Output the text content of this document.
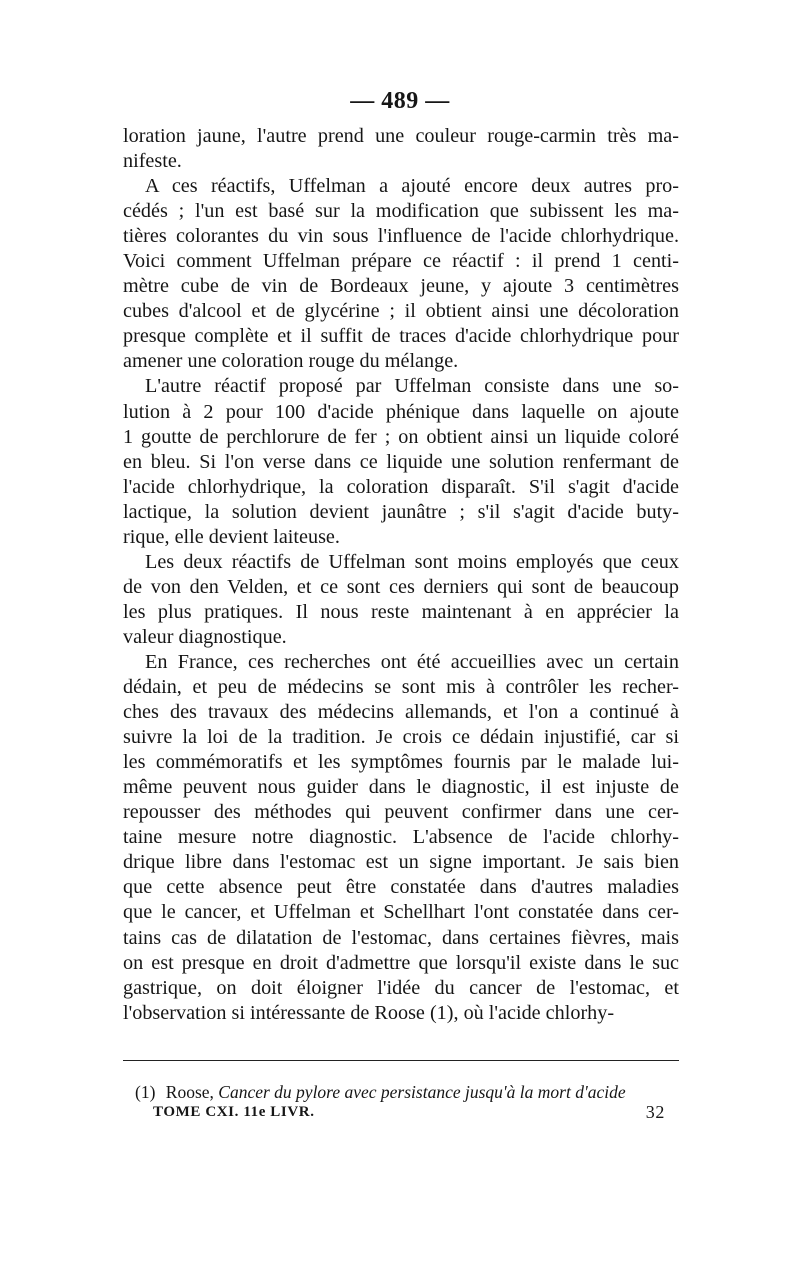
— 489 —
loration jaune, l'autre prend une couleur rouge-carmin très ma-
nifeste.
A ces réactifs, Uffelman a ajouté encore deux autres pro-
cédés ; l'un est basé sur la modification que subissent les ma-
tières colorantes du vin sous l'influence de l'acide chlorhydrique.
Voici comment Uffelman prépare ce réactif : il prend 1 centi-
mètre cube de vin de Bordeaux jeune, y ajoute 3 centimètres
cubes d'alcool et de glycérine ; il obtient ainsi une décoloration
presque complète et il suffit de traces d'acide chlorhydrique pour
amener une coloration rouge du mélange.
L'autre réactif proposé par Uffelman consiste dans une so-
lution à 2 pour 100 d'acide phénique dans laquelle on ajoute
1 goutte de perchlorure de fer ; on obtient ainsi un liquide coloré
en bleu. Si l'on verse dans ce liquide une solution renfermant de
l'acide chlorhydrique, la coloration disparaît. S'il s'agit d'acide
lactique, la solution devient jaunâtre ; s'il s'agit d'acide buty-
rique, elle devient laiteuse.
Les deux réactifs de Uffelman sont moins employés que ceux
de von den Velden, et ce sont ces derniers qui sont de beaucoup
les plus pratiques. Il nous reste maintenant à en apprécier la
valeur diagnostique.
En France, ces recherches ont été accueillies avec un certain
dédain, et peu de médecins se sont mis à contrôler les recher-
ches des travaux des médecins allemands, et l'on a continué à
suivre la loi de la tradition. Je crois ce dédain injustifié, car si
les commémoratifs et les symptômes fournis par le malade lui-
même peuvent nous guider dans le diagnostic, il est injuste de
repousser des méthodes qui peuvent confirmer dans une cer-
taine mesure notre diagnostic. L'absence de l'acide chlorhy-
drique libre dans l'estomac est un signe important. Je sais bien
que cette absence peut être constatée dans d'autres maladies
que le cancer, et Uffelman et Schellhart l'ont constatée dans cer-
tains cas de dilatation de l'estomac, dans certaines fièvres, mais
on est presque en droit d'admettre que lorsqu'il existe dans le suc
gastrique, on doit éloigner l'idée du cancer de l'estomac, et
l'observation si intéressante de Roose (1), où l'acide chlorhy-
(1) Roose, Cancer du pylore avec persistance jusqu'à la mort d'acide
TOME CXI. 11e LIVR.	32
